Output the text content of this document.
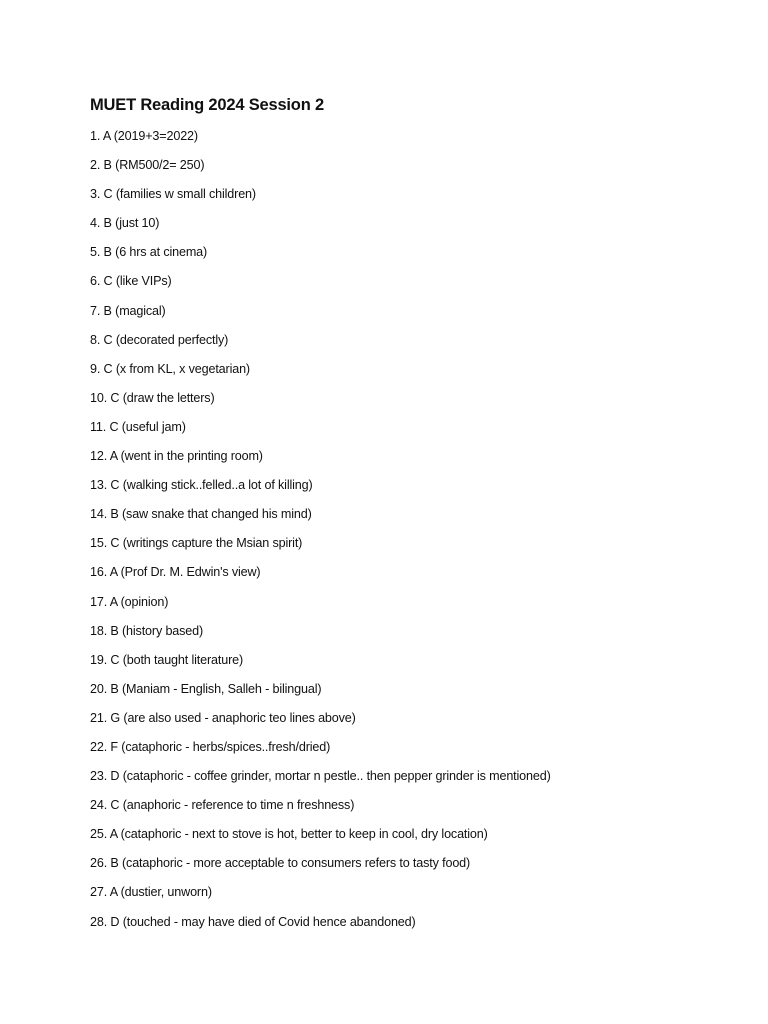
MUET Reading 2024 Session 2
1. A (2019+3=2022)
2. B (RM500/2= 250)
3. C (families w small children)
4. B (just 10)
5. B (6 hrs at cinema)
6. C (like VIPs)
7. B (magical)
8. C (decorated perfectly)
9. C (x from KL, x vegetarian)
10. C (draw the letters)
11. C (useful jam)
12. A (went in the printing room)
13. C (walking stick..felled..a lot of killing)
14. B (saw snake that changed his mind)
15. C (writings capture the Msian spirit)
16. A (Prof Dr. M. Edwin's view)
17. A (opinion)
18. B (history based)
19. C (both taught literature)
20. B (Maniam - English, Salleh - bilingual)
21. G (are also used - anaphoric teo lines above)
22. F (cataphoric - herbs/spices..fresh/dried)
23. D (cataphoric - coffee grinder, mortar n pestle.. then pepper grinder is mentioned)
24. C (anaphoric - reference to time n freshness)
25. A (cataphoric - next to stove is hot, better to keep in cool, dry location)
26. B (cataphoric - more acceptable to consumers refers to tasty food)
27. A (dustier, unworn)
28. D (touched - may have died of Covid hence abandoned)
